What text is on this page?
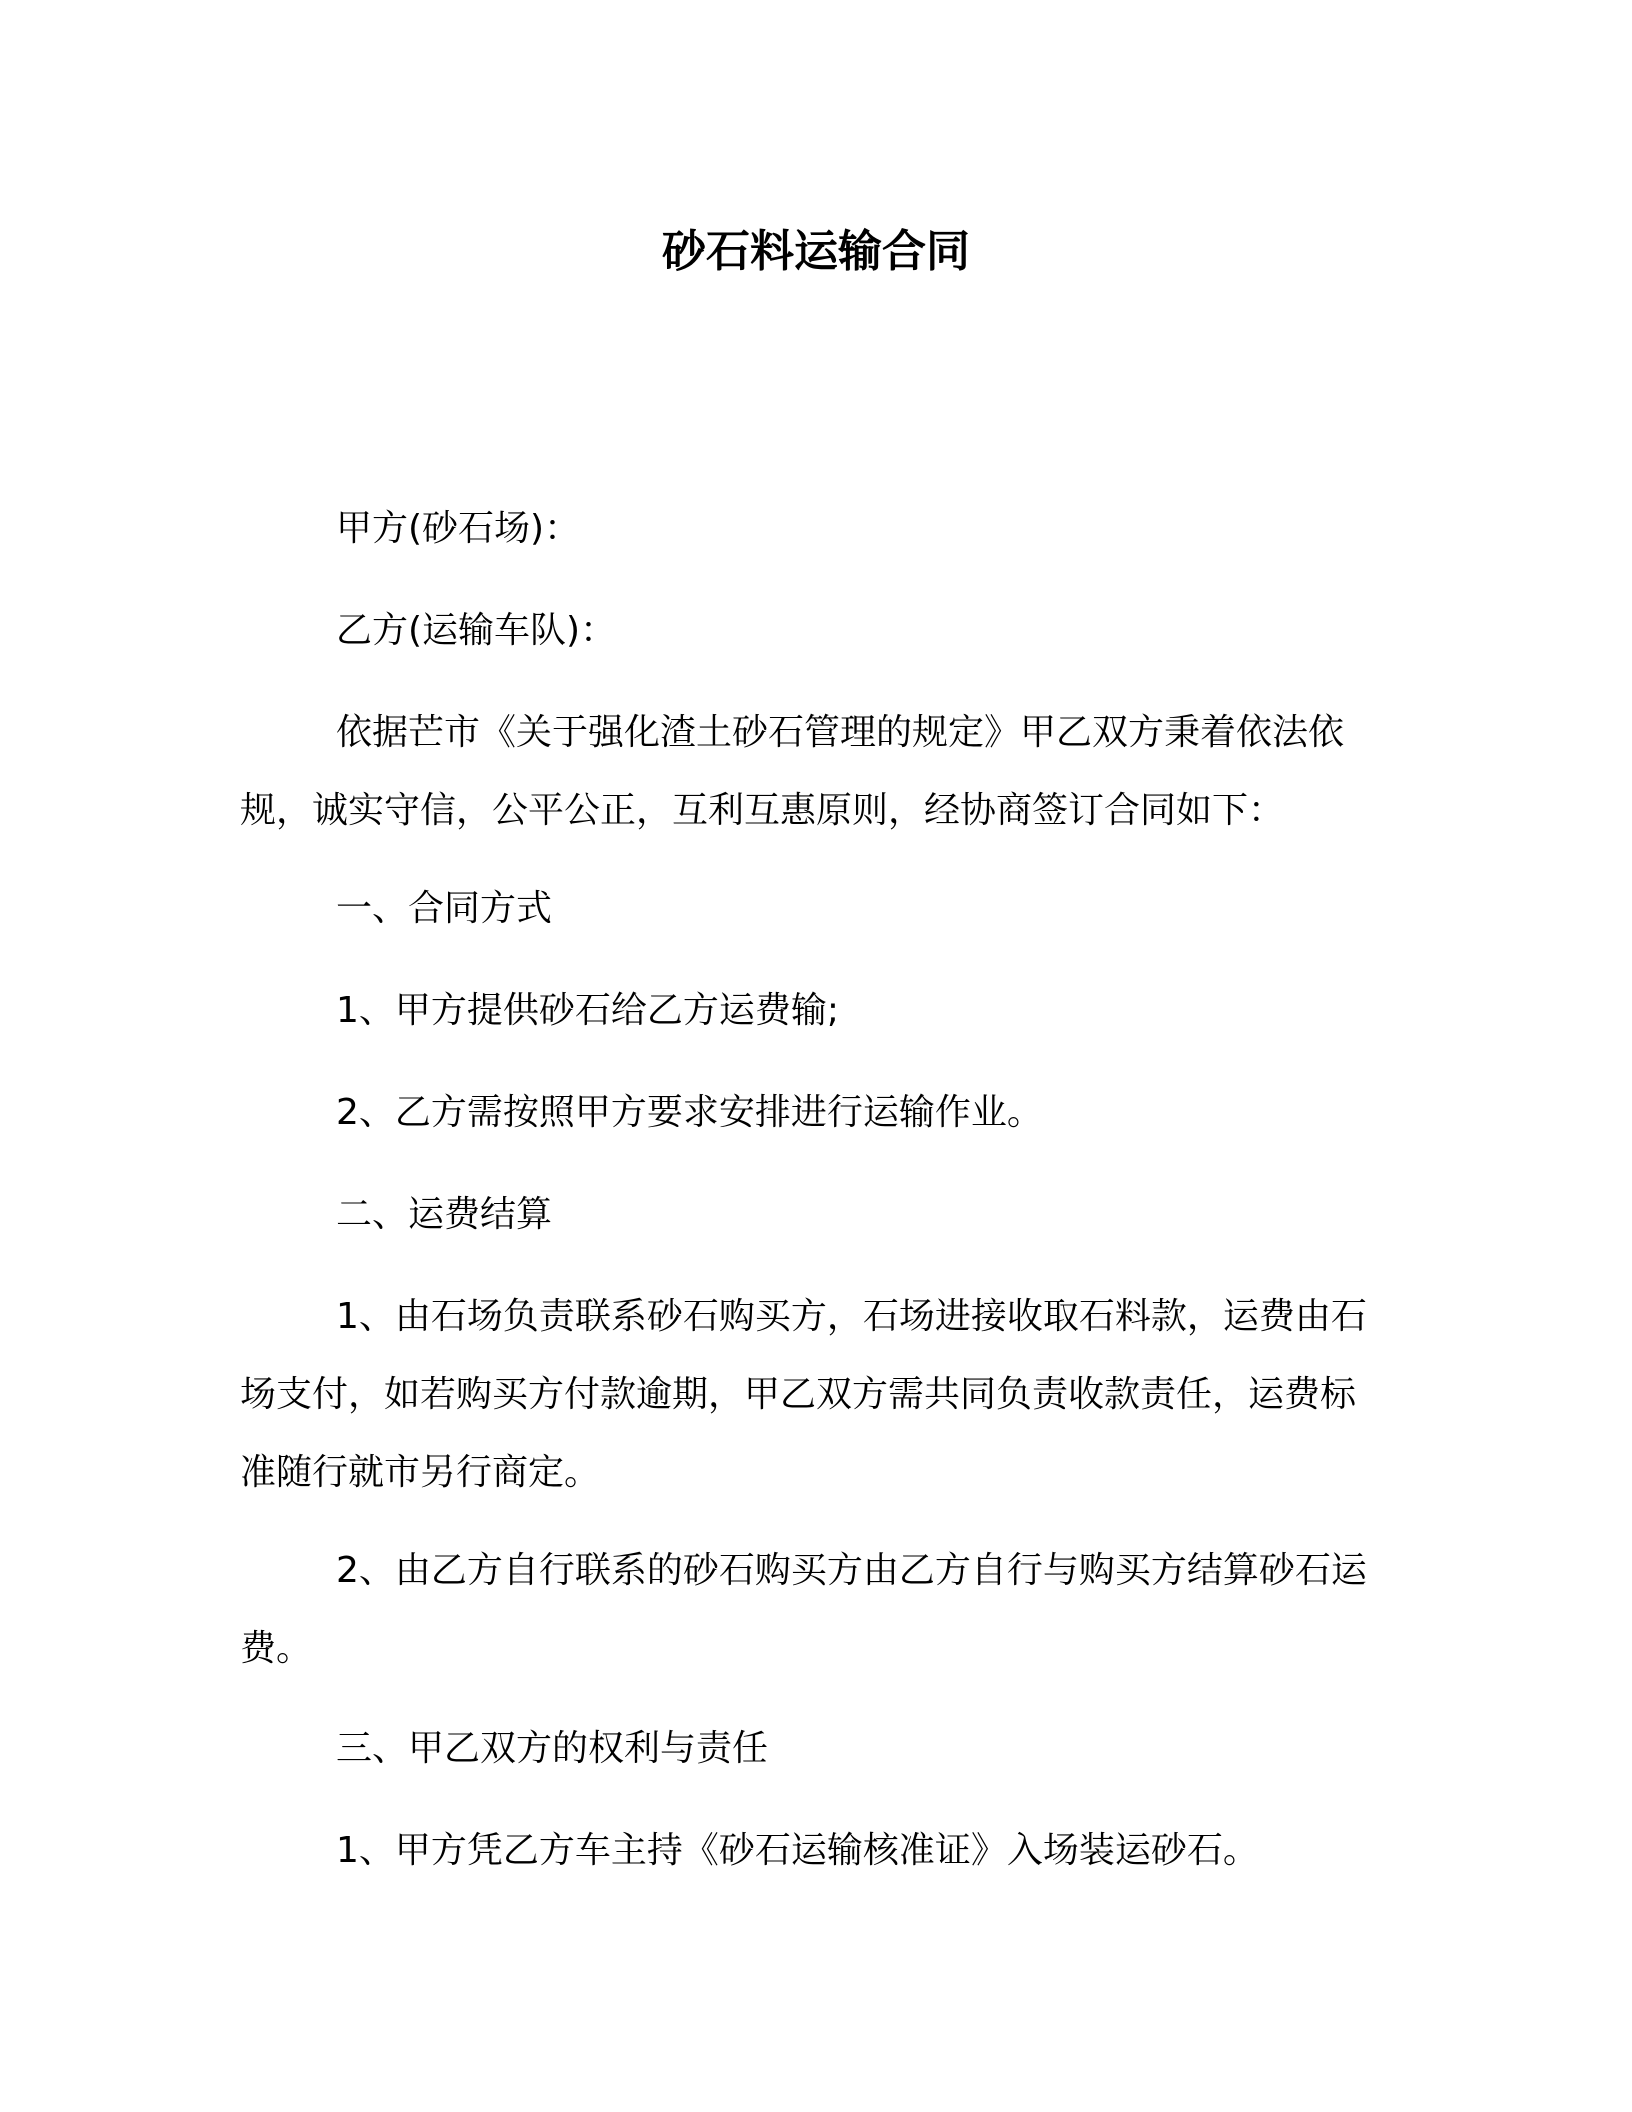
砂石料运输合同

甲方(砂石场)：

乙方(运输车队)：

依据芒市《关于强化渣土砂石管理的规定》甲乙双方秉着依法依规，诚实守信，公平公正，互利互惠原则，经协商签订合同如下：

一、合同方式

1、甲方提供砂石给乙方运费输;

2、乙方需按照甲方要求安排进行运输作业。

二、运费结算

1、由石场负责联系砂石购买方，石场进接收取石料款，运费由石场支付，如若购买方付款逾期，甲乙双方需共同负责收款责任，运费标准随行就市另行商定。

2、由乙方自行联系的砂石购买方由乙方自行与购买方结算砂石运费。

三、甲乙双方的权利与责任

1、甲方凭乙方车主持《砂石运输核准证》入场装运砂石。
